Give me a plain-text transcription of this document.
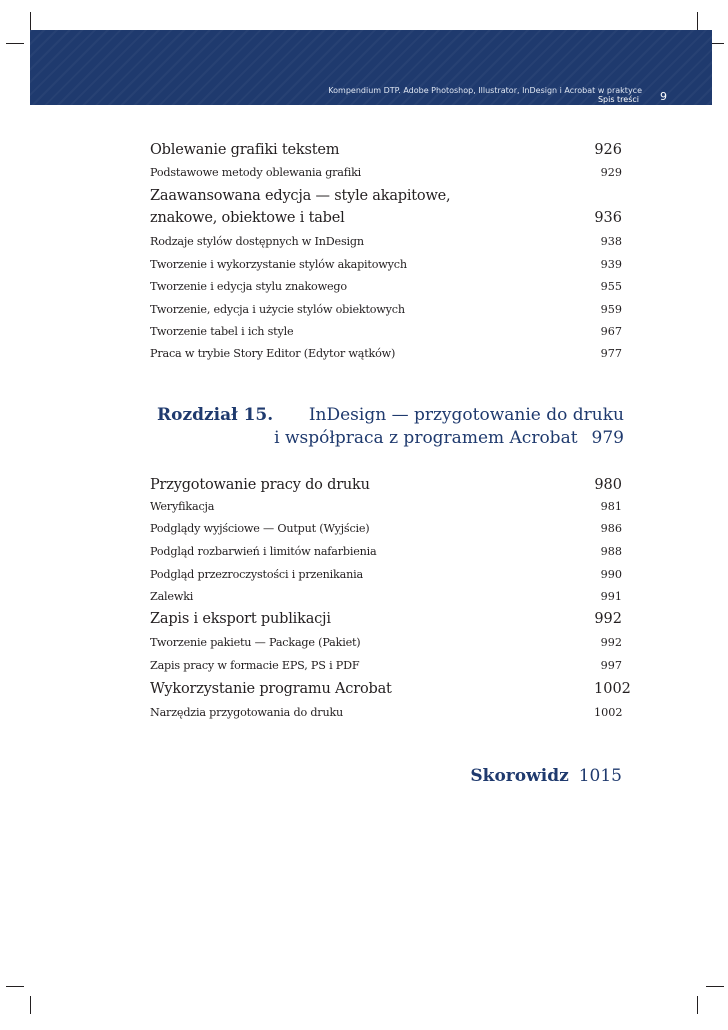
Kompendium DTP. Adobe Photoshop, Illustrator, InDesign i Acrobat w praktyce
Spis treści 9
Oblewanie grafiki tekstem	926
Podstawowe metody oblewania grafiki	929
Zaawansowana edycja — style akapitowe,
znakowe, obiektowe i tabel	936
Rodzaje stylów dostępnych w InDesign	938
Tworzenie i wykorzystanie stylów akapitowych	939
Tworzenie i edycja stylu znakowego	955
Tworzenie, edycja i użycie stylów obiektowych	959
Tworzenie tabel i ich style	967
Praca w trybie Story Editor (Edytor wątków)	977
Rozdział 15. InDesign — przygotowanie do druku
i współpraca z programem Acrobat 979
Przygotowanie pracy do druku	980
Weryfikacja	981
Podglądy wyjściowe — Output (Wyjście)	986
Podgląd rozbarwień i limitów nafarbienia	988
Podgląd przezroczystości i przenikania	990
Zalewki	991
Zapis i eksport publikacji	992
Tworzenie pakietu — Package (Pakiet)	992
Zapis pracy w formacie EPS, PS i PDF	997
Wykorzystanie programu Acrobat	1002
Narzędzia przygotowania do druku	1002
Skorowidz 1015
